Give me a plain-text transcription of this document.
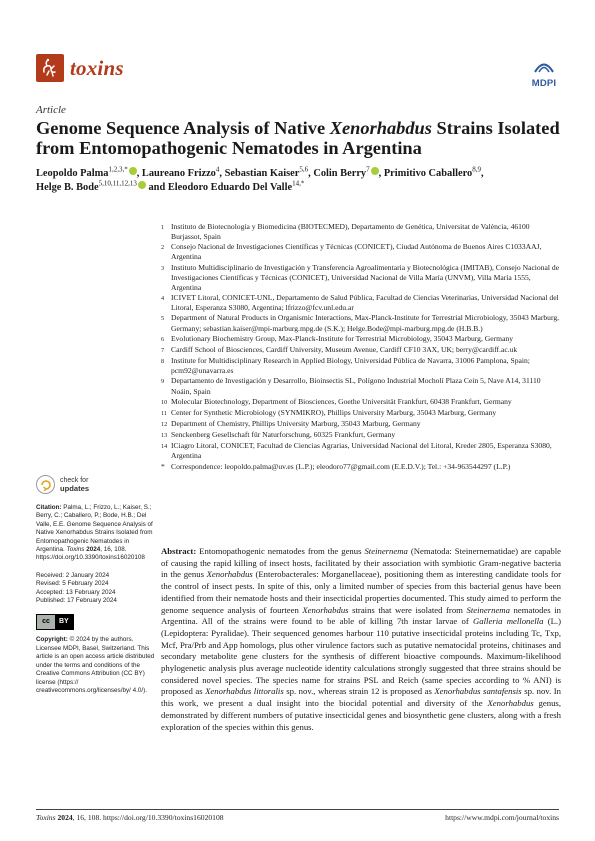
toxins
MDPI
Article
Genome Sequence Analysis of Native Xenorhabdus Strains Isolated from Entomopathogenic Nematodes in Argentina

Leopoldo Palma$^{1,2,3,*}$ , Laureano Frizzo$^4$, Sebastian Kaiser$^{5,6}$, Colin Berry$^7$ , Primitivo Caballero$^{8,9}$,
Helge B. Bode$^{5,10,11,12,13}$ and Eleodoro Eduardo Del Valle$^{14,*}$

1 Instituto de Biotecnología y Biomedicina (BIOTECMED), Departamento de Genética, Universitat de València, 46100 Burjassot, Spain
2 Consejo Nacional de Investigaciones Científicas y Técnicas (CONICET), Ciudad Autónoma de Buenos Aires C1033AAJ, Argentina
3 Instituto Multidisciplinario de Investigación y Transferencia Agroalimentaria y Biotecnológica (IMITAB), Consejo Nacional de Investigaciones Científicas y Técnicas (CONICET), Universidad Nacional de Villa María (UNVM), Villa María 1555, Argentina
4 ICIVET Litoral, CONICET-UNL, Departamento de Salud Pública, Facultad de Ciencias Veterinarias, Universidad Nacional del Litoral, Esperanza S3080, Argentina; lfrizzo@fcv.unl.edu.ar
5 Department of Natural Products in Organismic Interactions, Max-Planck-Institute for Terrestrial Microbiology, 35043 Marburg, Germany; sebastian.kaiser@mpi-marburg.mpg.de (S.K.); Helge.Bode@mpi-marburg.mpg.de (H.B.B.)
6 Evolutionary Biochemistry Group, Max-Planck-Institute for Terrestrial Microbiology, 35043 Marburg, Germany
7 Cardiff School of Biosciences, Cardiff University, Museum Avenue, Cardiff CF10 3AX, UK; berry@cardiff.ac.uk
8 Institute for Multidisciplinary Research in Applied Biology, Universidad Pública de Navarra, 31006 Pamplona, Spain; pcm92@unavarra.es
9 Departamento de Investigación y Desarrollo, Bioinsectis SL, Polígono Industrial Mocholí Plaza Cein 5, Nave A14, 31110 Noáin, Spain
10 Molecular Biotechnology, Department of Biosciences, Goethe Universität Frankfurt, 60438 Frankfurt, Germany
11 Center for Synthetic Microbiology (SYNMIKRO), Phillips University Marburg, 35043 Marburg, Germany
12 Department of Chemistry, Phillips University Marburg, 35043 Marburg, Germany
13 Senckenberg Gesellschaft für Naturforschung, 60325 Frankfurt, Germany
14 ICiagro Litoral, CONICET, Facultad de Ciencias Agrarias, Universidad Nacional del Litoral, Kreder 2805, Esperanza S3080, Argentina
* Correspondence: leopoldo.palma@uv.es (L.P.); eleodoro77@gmail.com (E.E.D.V.); Tel.: +34-963544297 (L.P.)
check for
updates
Citation: Palma, L.; Frizzo, L.; Kaiser, S.; Berry, C.; Caballero, P.; Bode, H.B.; Del Valle, E.E. Genome Sequence Analysis of Native Xenorhabdus Strains Isolated from Entomopathogenic Nematodes in Argentina. Toxins 2024, 16, 108. https://doi.org/10.3390/toxins16020108
Received: 2 January 2024
Revised: 5 February 2024
Accepted: 13 February 2024
Published: 17 February 2024
cc	BY
Copyright: © 2024 by the authors. Licensee MDPI, Basel, Switzerland. This article is an open access article distributed under the terms and conditions of the Creative Commons Attribution (CC BY) license (https:// creativecommons.org/licenses/by/ 4.0/).

Abstract: Entomopathogenic nematodes from the genus Steinernema (Nematoda: Steinernematidae) are capable of causing the rapid killing of insect hosts, facilitated by their association with symbiotic Gram-negative bacteria in the genus Xenorhabdus (Enterobacterales: Morganellaceae), positioning them as interesting candidate tools for the control of insect pests. In spite of this, only a limited number of species from this bacterial genus have been identified from their nematode hosts and their insecticidal properties documented. This study aimed to perform the genome sequence analysis of fourteen Xenorhabdus strains that were isolated from Steinernema nematodes in Argentina. All of the strains were found to be able of killing 7th instar larvae of Galleria mellonella (L.) (Lepidoptera: Pyralidae). Their sequenced genomes harbour 110 putative insecticidal proteins including Tc, Txp, Mcf, Pra/Prb and App homologs, plus other virulence factors such as putative nematocidal proteins, chitinases and secondary metabolite gene clusters for the synthesis of different bioactive compounds. Maximum-likelihood phylogenetic analysis plus average nucleotide identity calculations strongly suggested that three strains should be considered novel species. The species name for strains PSL and Reich (same species according to % ANI) is proposed as Xenorhabdus littoralis sp. nov., whereas strain 12 is proposed as Xenorhabdus santafensis sp. nov. In this work, we present a dual insight into the biocidal potential and diversity of the Xenorhabdus genus, demonstrated by different numbers of putative insecticidal genes and biosynthetic gene clusters, along with a fresh exploration of the species within this genus.

Toxins 2024, 16, 108. https://doi.org/10.3390/toxins16020108	https://www.mdpi.com/journal/toxins
